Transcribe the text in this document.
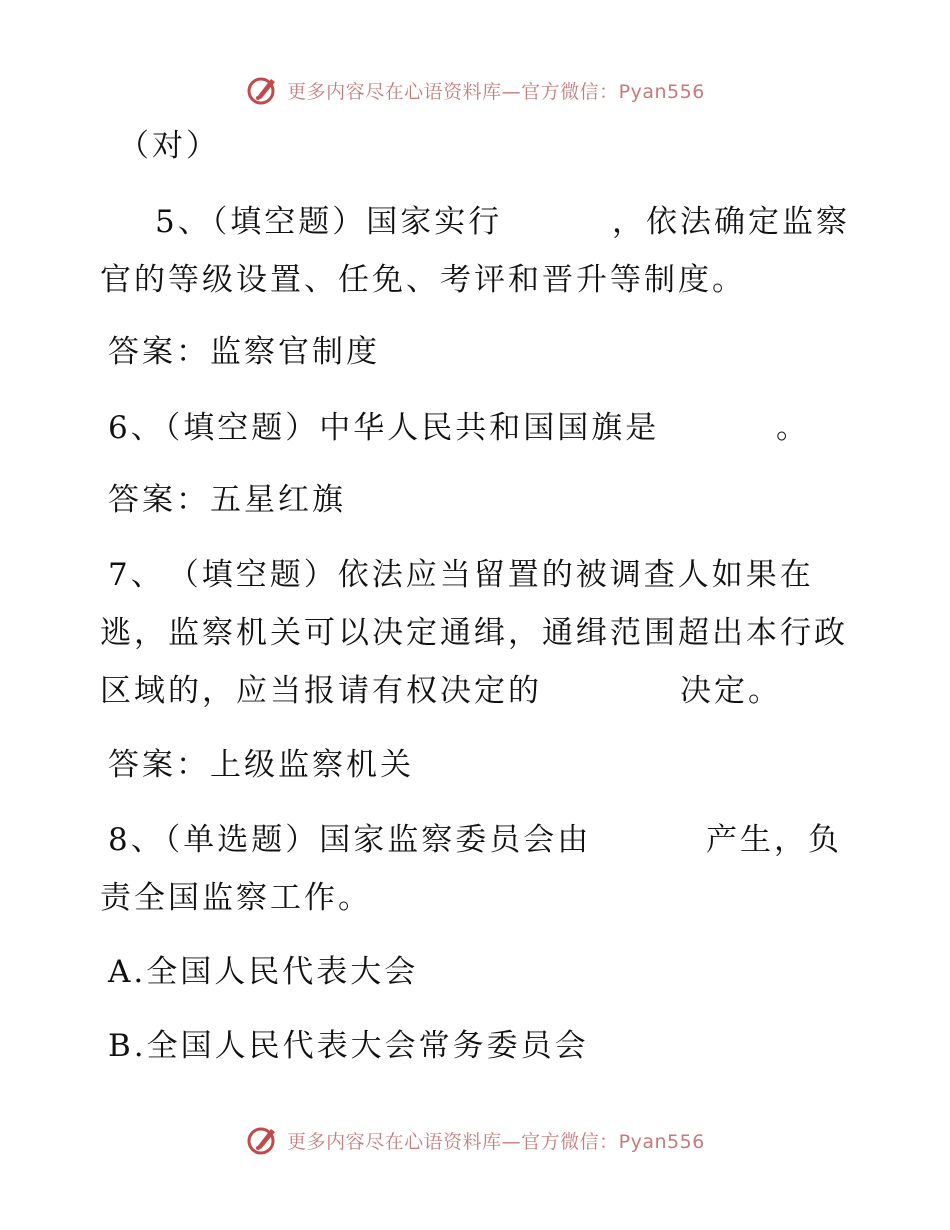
更多内容尽在心语资料库—官方微信：Pyan556
（对）
5、（填空题）国家实行	，依法确定监察
官的等级设置、任免、考评和晋升等制度。
答案：监察官制度
6、（填空题）中华人民共和国国旗是	。
答案：五星红旗
7、　（填空题）依法应当留置的被调查人如果在
逃，监察机关可以决定通缉，通缉范围超出本行政
区域的，应当报请有权决定的	决定。
答案：上级监察机关
8、（单选题）国家监察委员会由	产生，负
责全国监察工作。
A.全国人民代表大会
B.全国人民代表大会常务委员会
更多内容尽在心语资料库—官方微信：Pyan556
